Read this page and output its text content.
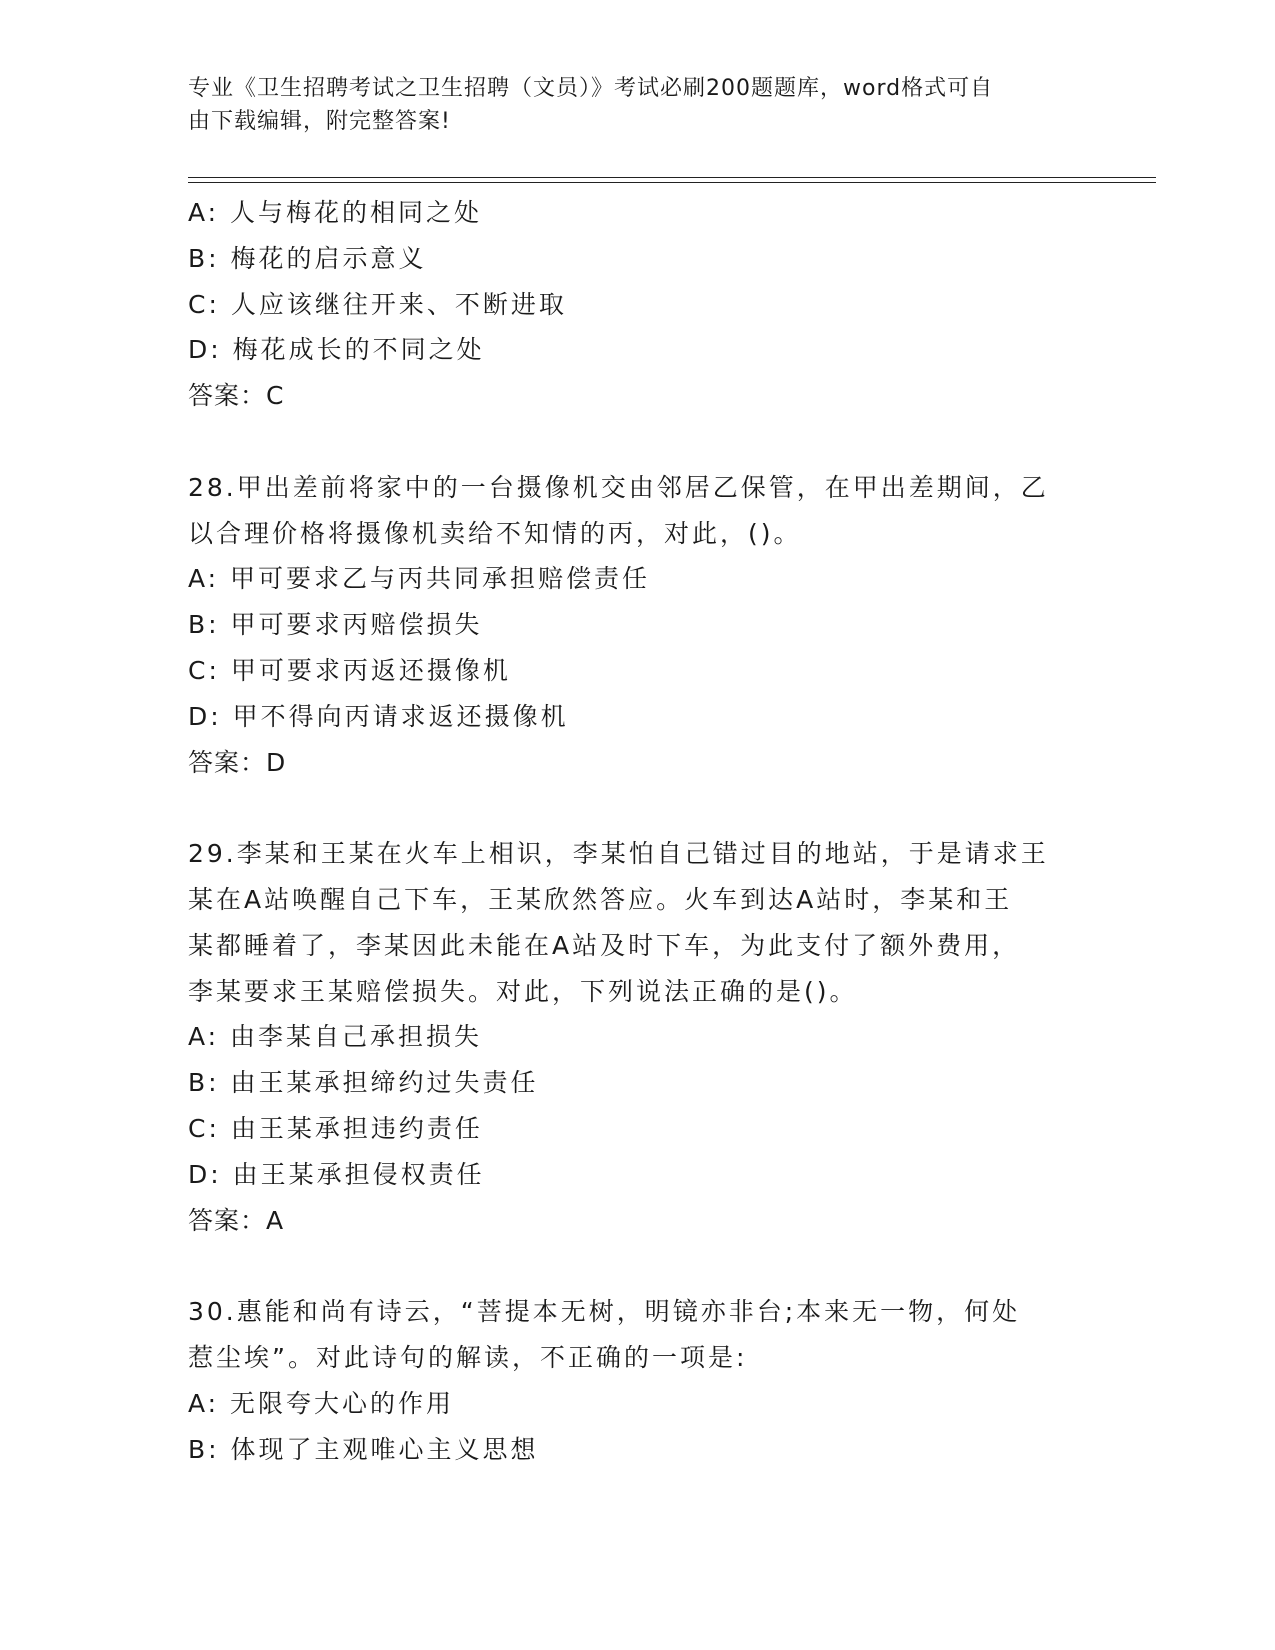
专业《卫生招聘考试之卫生招聘（文员）》考试必刷200题题库，word格式可自
由下载编辑，附完整答案!
A: 人与梅花的相同之处
B: 梅花的启示意义
C: 人应该继往开来、不断进取
D: 梅花成长的不同之处
答案：C
28.甲出差前将家中的一台摄像机交由邻居乙保管，在甲出差期间，乙
以合理价格将摄像机卖给不知情的丙，对此，()。
A: 甲可要求乙与丙共同承担赔偿责任
B: 甲可要求丙赔偿损失
C: 甲可要求丙返还摄像机
D: 甲不得向丙请求返还摄像机
答案：D
29.李某和王某在火车上相识，李某怕自己错过目的地站，于是请求王
某在A站唤醒自己下车，王某欣然答应。火车到达A站时，李某和王
某都睡着了，李某因此未能在A站及时下车，为此支付了额外费用，
李某要求王某赔偿损失。对此，下列说法正确的是()。
A: 由李某自己承担损失
B: 由王某承担缔约过失责任
C: 由王某承担违约责任
D: 由王某承担侵权责任
答案：A
30.惠能和尚有诗云，“菩提本无树，明镜亦非台;本来无一物，何处
惹尘埃”。对此诗句的解读，不正确的一项是:
A: 无限夸大心的作用
B: 体现了主观唯心主义思想
